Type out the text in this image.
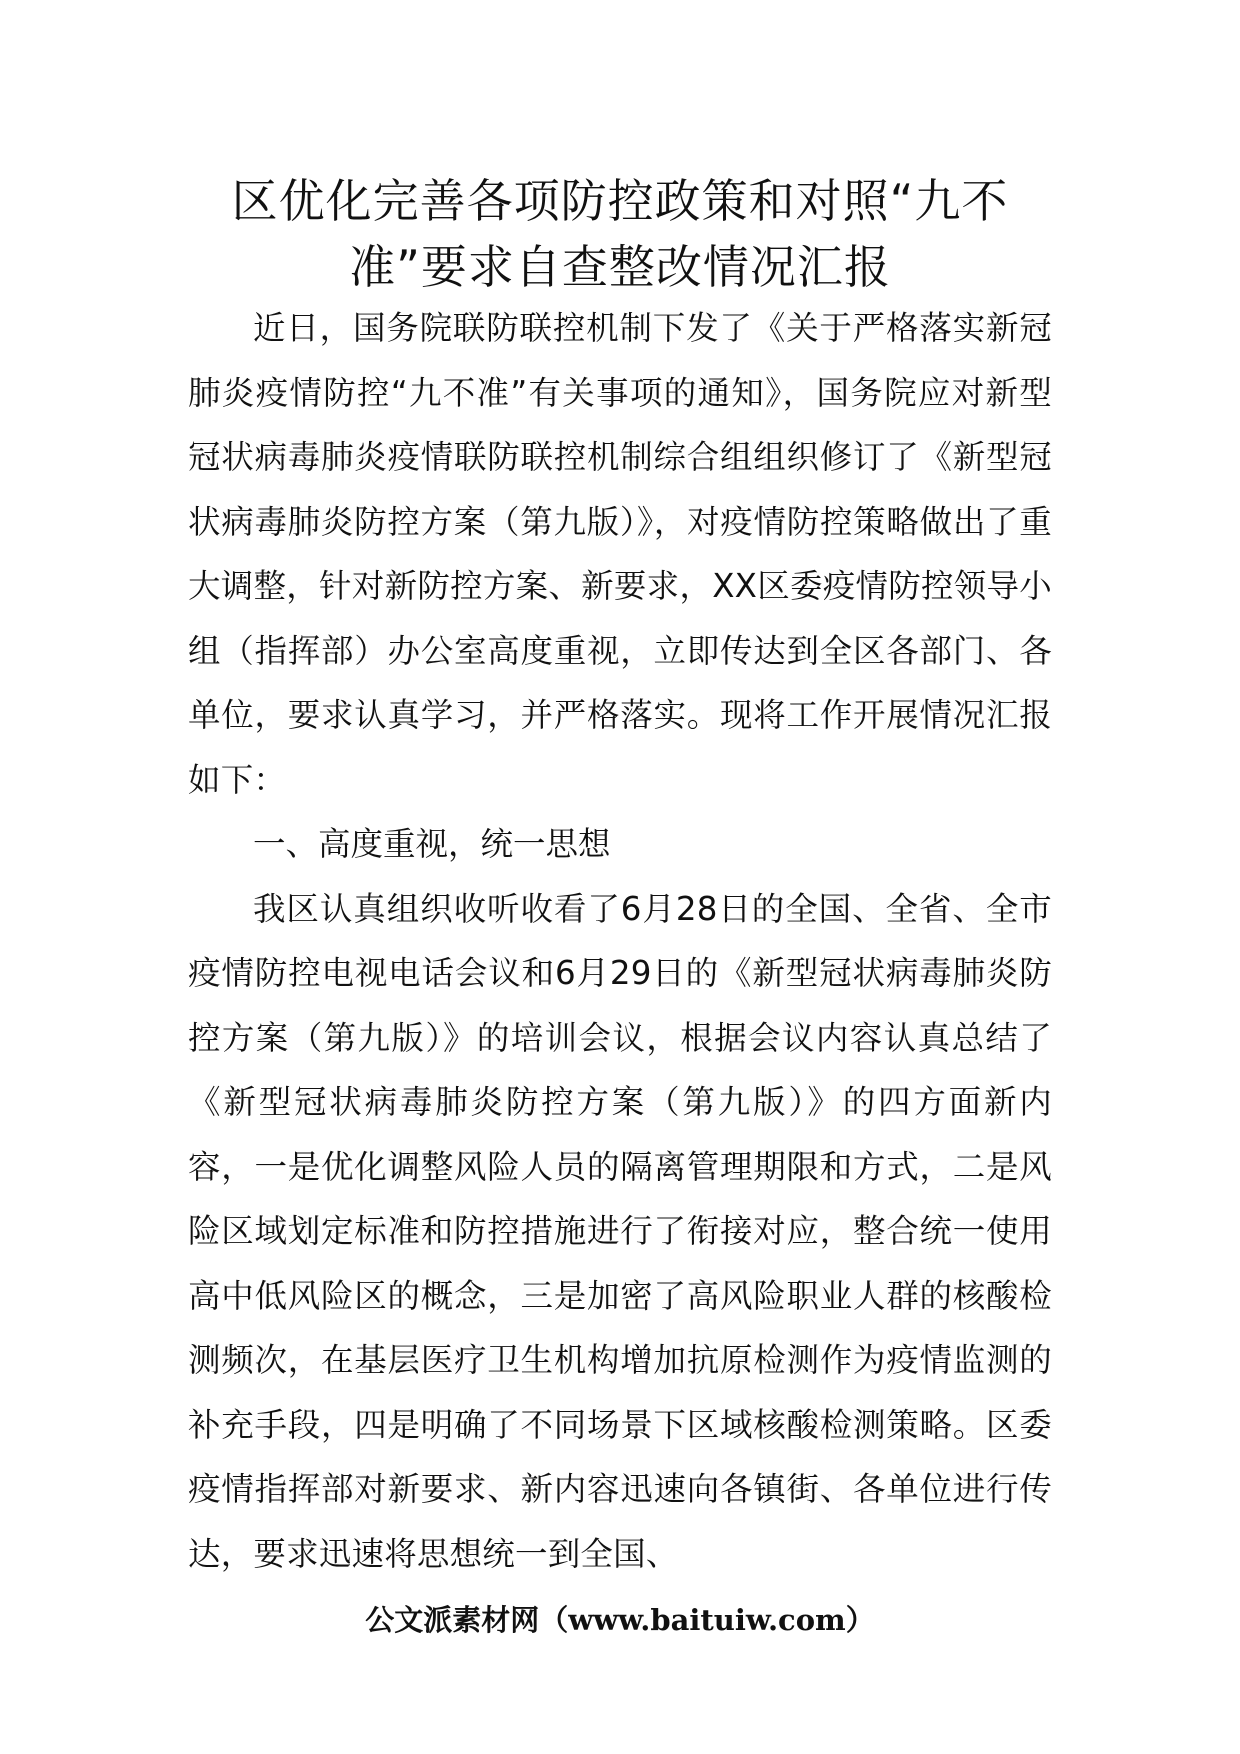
区优化完善各项防控政策和对照“九不
准”要求自查整改情况汇报

近日，国务院联防联控机制下发了《关于严格落实新冠肺炎疫情防控“九不准”有关事项的通知》，国务院应对新型冠状病毒肺炎疫情联防联控机制综合组组织修订了《新型冠状病毒肺炎防控方案（第九版）》，对疫情防控策略做出了重大调整，针对新防控方案、新要求，XX区委疫情防控领导小组（指挥部）办公室高度重视，立即传达到全区各部门、各单位，要求认真学习，并严格落实。现将工作开展情况汇报如下：

一、高度重视，统一思想

我区认真组织收听收看了6月28日的全国、全省、全市疫情防控电视电话会议和6月29日的《新型冠状病毒肺炎防控方案（第九版）》的培训会议，根据会议内容认真总结了《新型冠状病毒肺炎防控方案（第九版）》的四方面新内容，一是优化调整风险人员的隔离管理期限和方式，二是风险区域划定标准和防控措施进行了衔接对应，整合统一使用高中低风险区的概念，三是加密了高风险职业人群的核酸检测频次，在基层医疗卫生机构增加抗原检测作为疫情监测的补充手段，四是明确了不同场景下区域核酸检测策略。区委疫情指挥部对新要求、新内容迅速向各镇街、各单位进行传达，要求迅速将思想统一到全国、

公文派素材网（www.baituiw.com）
